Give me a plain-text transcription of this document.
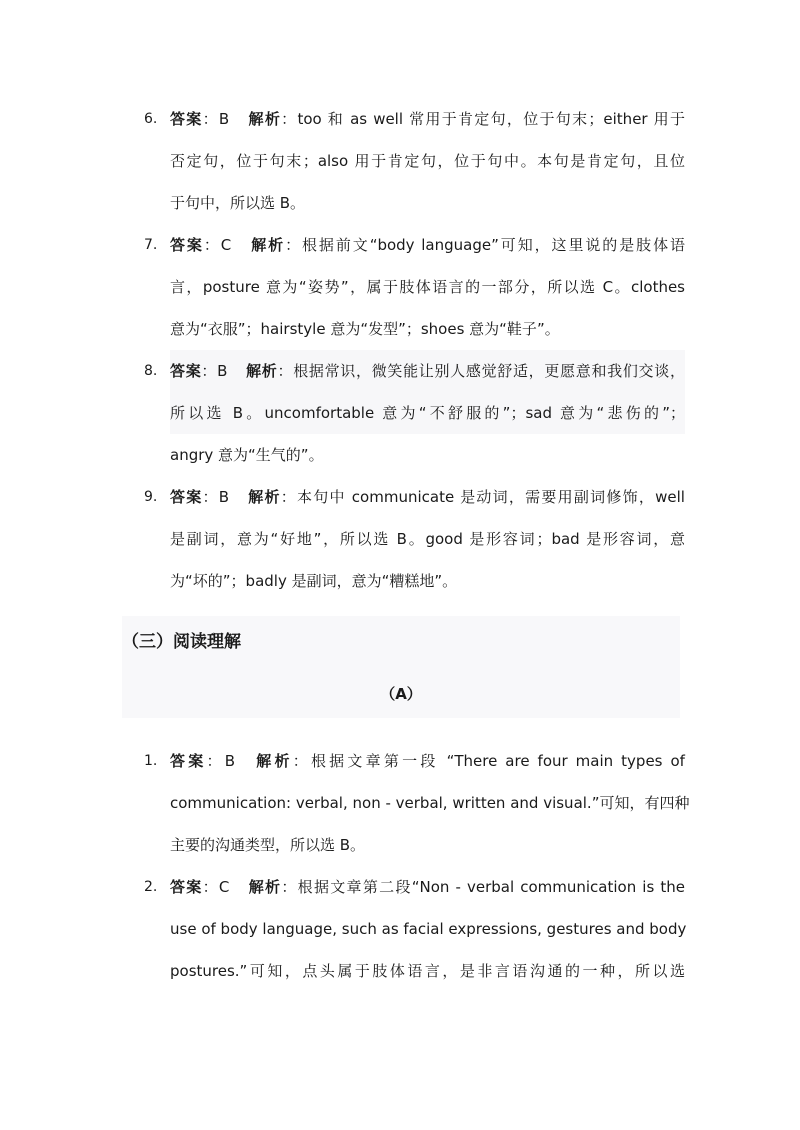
6. 答案：B 解析：too 和 as well 常用于肯定句，位于句末；either 用于
否定句，位于句末；also 用于肯定句，位于句中。本句是肯定句，且位
于句中，所以选 B。
7. 答案：C 解析：根据前文“body language”可知，这里说的是肢体语
言，posture 意为“姿势”，属于肢体语言的一部分，所以选 C。clothes
意为“衣服”；hairstyle 意为“发型”；shoes 意为“鞋子”。
8. 答案：B 解析：根据常识，微笑能让别人感觉舒适，更愿意和我们交谈，
所以选 B。uncomfortable 意为“不舒服的”；sad 意为“悲伤的”；
angry 意为“生气的”。
9. 答案：B 解析：本句中 communicate 是动词，需要用副词修饰，well
是副词，意为“好地”，所以选 B。good 是形容词；bad 是形容词，意
为“坏的”；badly 是副词，意为“糟糕地”。
（三）阅读理解
（A）
1. 答案：B 解析：根据文章第一段 “There are four main types of
communication: verbal, non - verbal, written and visual.”可知，有四种
主要的沟通类型，所以选 B。
2. 答案：C 解析：根据文章第二段“Non - verbal communication is the
use of body language, such as facial expressions, gestures and body
postures.”可知，点头属于肢体语言，是非言语沟通的一种，所以选
